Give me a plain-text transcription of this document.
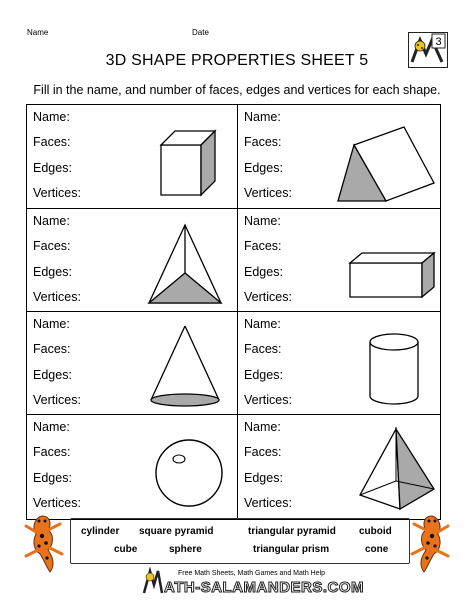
Name	Date
3
3D SHAPE PROPERTIES SHEET 5
Fill in the name, and number of faces, edges and vertices for each shape.
Name:
Faces:
Edges:
Vertices:
Name:
Faces:
Edges:
Vertices:
Name:
Faces:
Edges:
Vertices:
Name:
Faces:
Edges:
Vertices:
Name:
Faces:
Edges:
Vertices:
Name:
Faces:
Edges:
Vertices:
Name:
Faces:
Edges:
Vertices:
Name:
Faces:
Edges:
Vertices:
cylinder square pyramid	triangular pyramid cuboid
cube	sphere	triangular prism	cone
Free Math Sheets, Math Games and Math Help
ATH-SALAMANDERS.COM
